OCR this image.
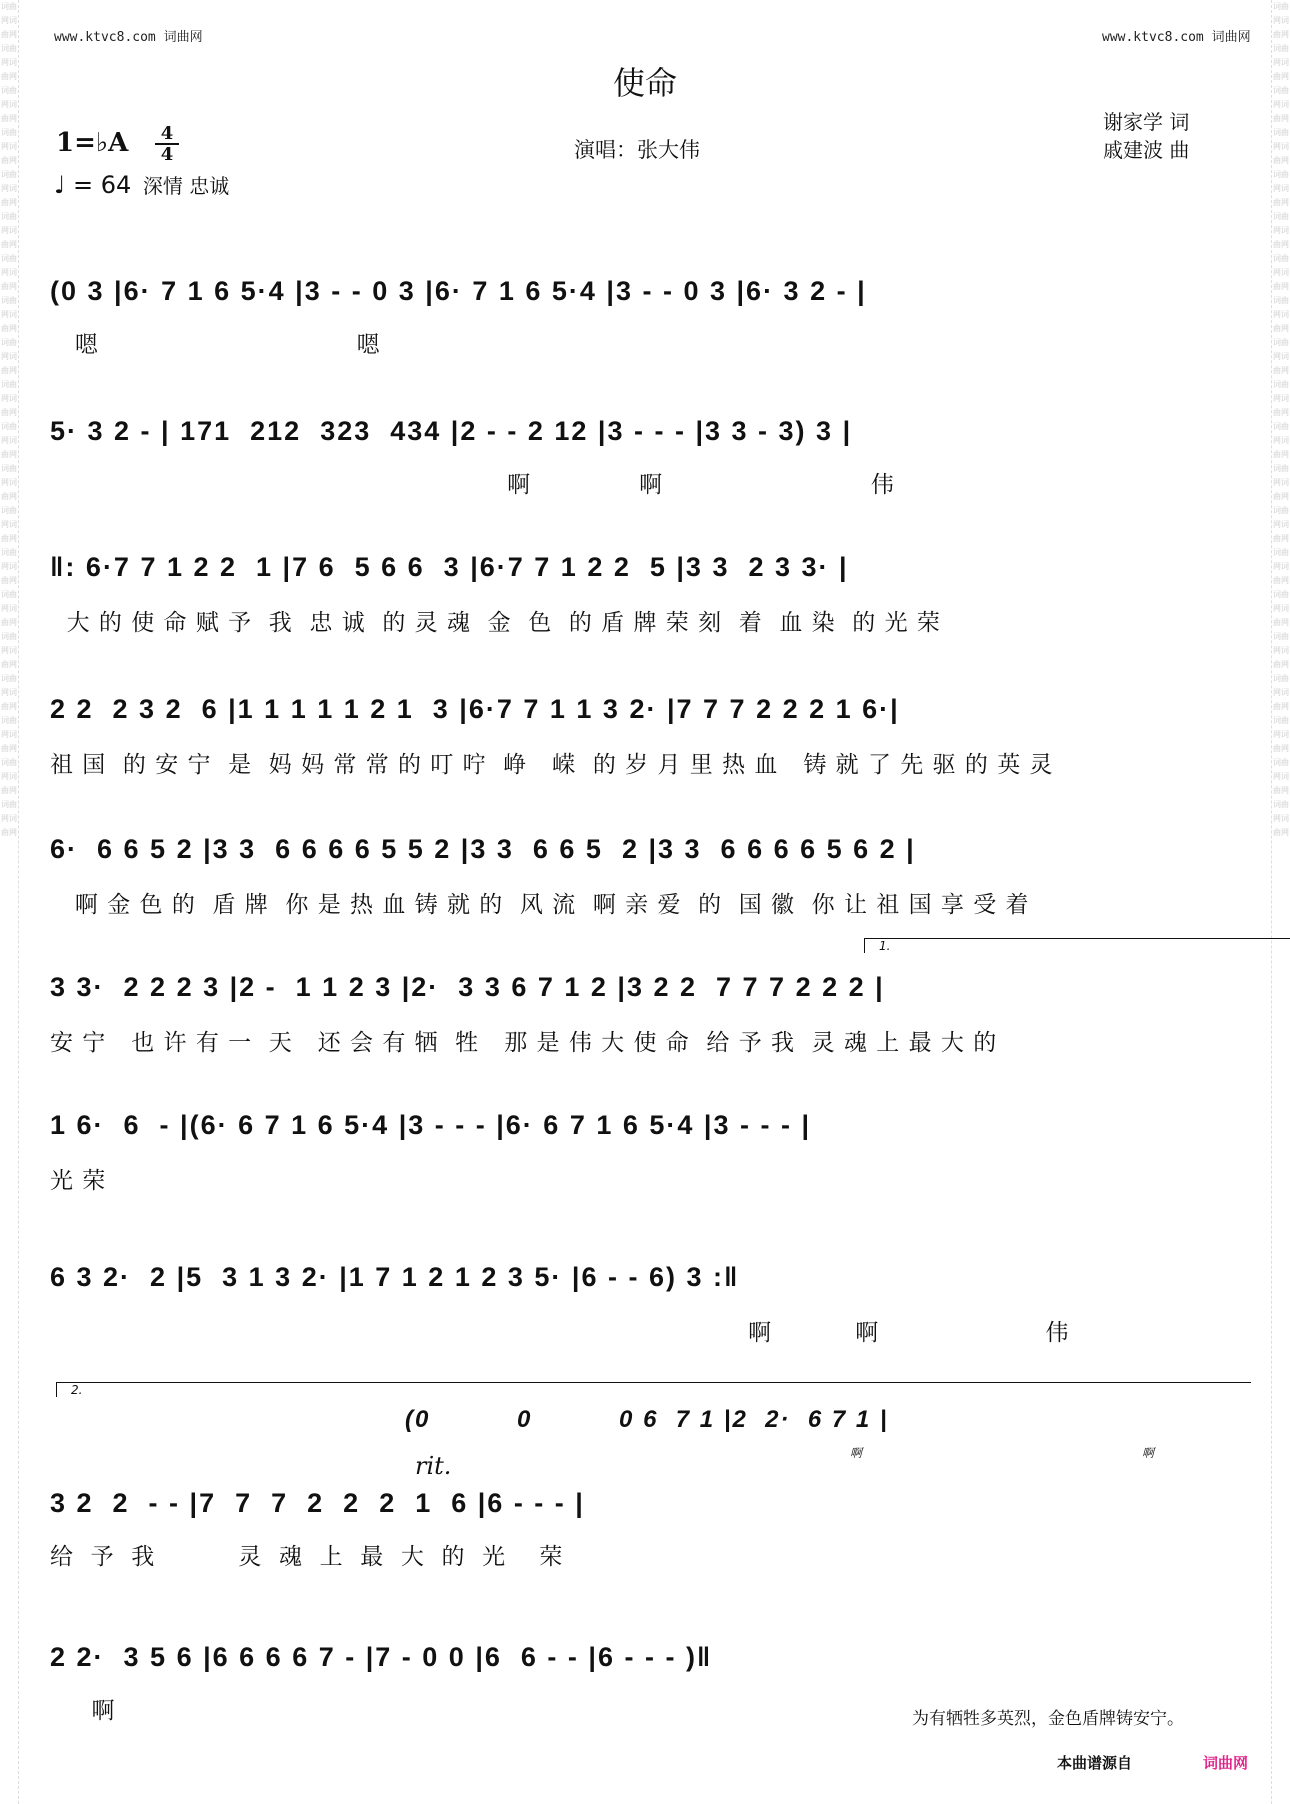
词曲网词曲网词曲网词曲网词曲网词曲网词曲网词曲网词曲网词曲网词曲网词曲网词曲网词曲网词曲网词曲网词曲网词曲网词曲网词曲网词曲网词曲网词曲网词曲网词曲网词曲网词曲网词曲网词曲网词曲网词曲网词曲网词曲网词曲网词曲网词曲网词曲网词曲网词曲网词曲网
词曲网词曲网词曲网词曲网词曲网词曲网词曲网词曲网词曲网词曲网词曲网词曲网词曲网词曲网词曲网词曲网词曲网词曲网词曲网词曲网词曲网词曲网词曲网词曲网词曲网词曲网词曲网词曲网词曲网词曲网词曲网词曲网词曲网词曲网词曲网词曲网词曲网词曲网词曲网词曲网
www.ktvc8.com 词曲网	www.ktvc8.com 词曲网
使命
1=♭A	4
4
♩ = 64 深情 忠诚
演唱：张大伟
谢家学 词
戚建波 曲
(0 3 |6· 7 1 6 5·4 |3 - - 0 3 |6· 7 1 6 5·4 |3 - - 0 3 |6· 3 2 - |
嗯                               嗯
5· 3 2 - | 171  212  323  434 |2 - - 2 12 |3 - - - |3 3 - 3) 3 |
啊             啊                         伟
‖: 6·7 7 1 2 2  1 |7 6  5 6 6  3 |6·7 7 1 2 2  5 |3 3  2 3 3· |
大 的 使 命 赋 予  我  忠 诚  的 灵 魂  金  色  的 盾 牌 荣 刻  着  血 染  的 光 荣
2 2  2 3 2  6 |1 1 1 1 1 2 1  3 |6·7 7 1 1 3 2· |7 7 7 2 2 2 1 6·|
祖 国  的 安 宁  是  妈 妈 常 常 的 叮 咛  峥   嵘  的 岁 月 里 热 血   铸 就 了 先 驱 的 英 灵
6·  6 6 5 2 |3 3  6 6 6 6 5 5 2 |3 3  6 6 5  2 |3 3  6 6 6 6 5 6 2 |
啊 金 色 的  盾 牌  你 是 热 血 铸 就 的  风 流  啊 亲 爱  的  国 徽  你 让 祖 国 享 受 着
1.
3 3·  2 2 2 3 |2 -  1 1 2 3 |2·  3 3 6 7 1 2 |3 2 2  7 7 7 2 2 2 |
安 宁   也 许 有 一  天   还 会 有 牺  牲   那 是 伟 大 使 命  给 予 我  灵 魂 上 最 大 的
1 6·  6  - |(6· 6 7 1 6 5·4 |3 - - - |6· 6 7 1 6 5·4 |3 - - - |
光 荣
6 3 2·  2 |5  3 1 3 2· |1 7 1 2 1 2 3 5· |6 - - 6) 3 :‖
啊          啊                    伟
2.
(0          0          0 6  7 1 |2  2·  6 7 1 |
啊	啊
3 2  2  - - |7  7  7  2  2  2  1  6 |6 - - - |
给  予  我          灵  魂  上  最  大  的  光    荣
rit.
2 2·  3 5 6 |6 6 6 6 7 - |7 - 0 0 |6  6 - - |6 - - - )‖
啊	为有牺牲多英烈，金色盾牌铸安宁。
本曲谱源自	词曲网
